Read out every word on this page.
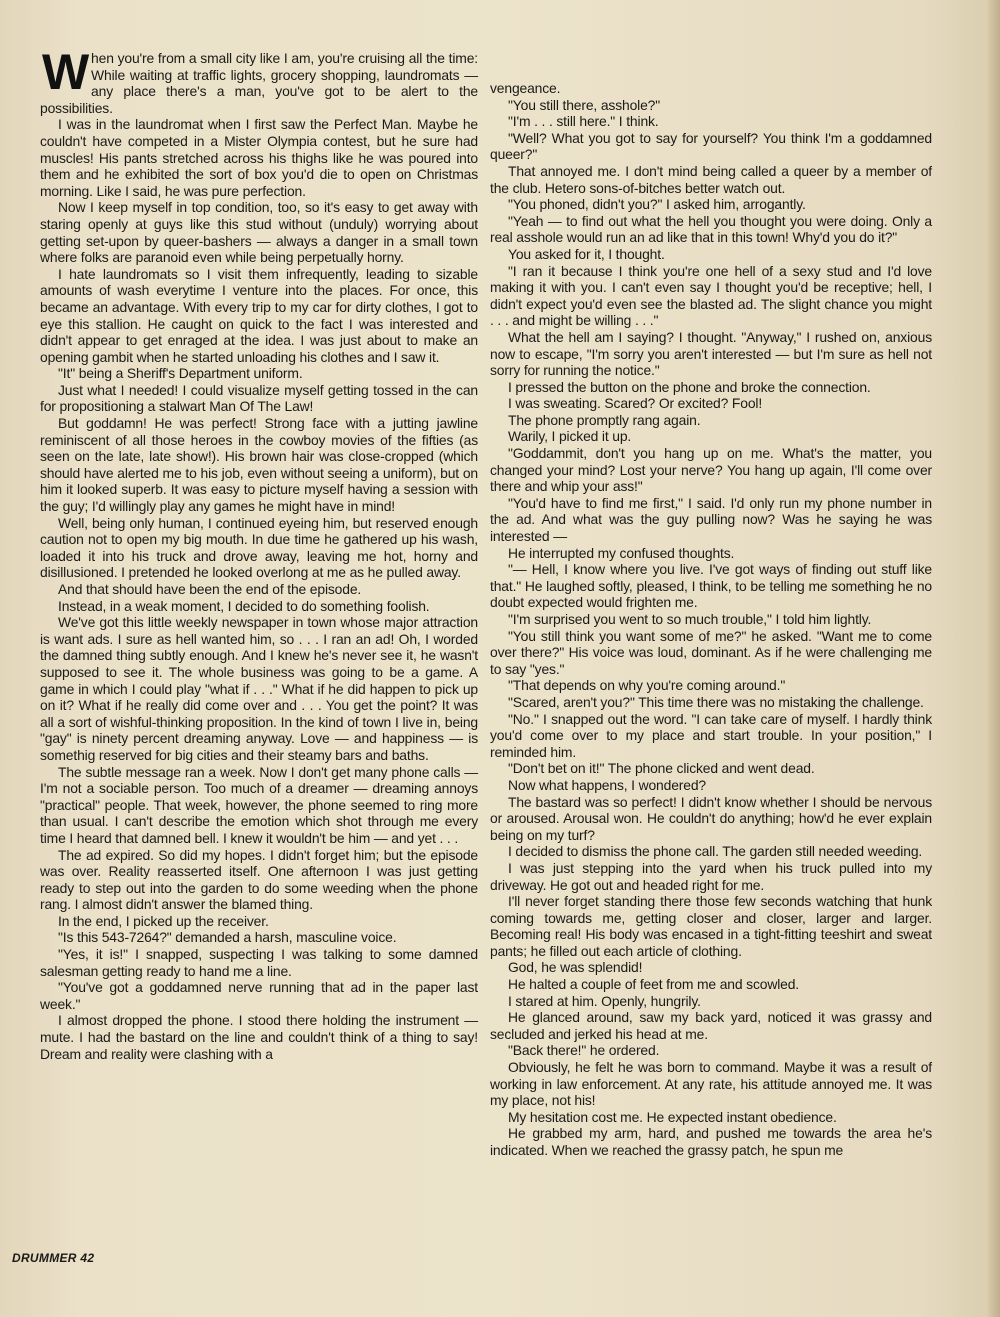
When you're from a small city like I am, you're cruising all the time: While waiting at traffic lights, grocery shopping, laundromats — any place there's a man, you've got to be alert to the possibilities.

I was in the laundromat when I first saw the Perfect Man. Maybe he couldn't have competed in a Mister Olympia contest, but he sure had muscles! His pants stretched across his thighs like he was poured into them and he exhibited the sort of box you'd die to open on Christmas morning. Like I said, he was pure perfection.

Now I keep myself in top condition, too, so it's easy to get away with staring openly at guys like this stud without (unduly) worrying about getting set-upon by queer-bashers — always a danger in a small town where folks are paranoid even while being perpetually horny.

I hate laundromats so I visit them infrequently, leading to sizable amounts of wash everytime I venture into the places. For once, this became an advantage. With every trip to my car for dirty clothes, I got to eye this stallion. He caught on quick to the fact I was interested and didn't appear to get enraged at the idea. I was just about to make an opening gambit when he started unloading his clothes and I saw it.

"It" being a Sheriff's Department uniform.

Just what I needed! I could visualize myself getting tossed in the can for propositioning a stalwart Man Of The Law!

But goddamn! He was perfect! Strong face with a jutting jawline reminiscent of all those heroes in the cowboy movies of the fifties (as seen on the late, late show!). His brown hair was close-cropped (which should have alerted me to his job, even without seeing a uniform), but on him it looked superb. It was easy to picture myself having a session with the guy; I'd willingly play any games he might have in mind!

Well, being only human, I continued eyeing him, but reserved enough caution not to open my big mouth. In due time he gathered up his wash, loaded it into his truck and drove away, leaving me hot, horny and disillusioned. I pretended he looked overlong at me as he pulled away.

And that should have been the end of the episode.

Instead, in a weak moment, I decided to do something foolish.

We've got this little weekly newspaper in town whose major attraction is want ads. I sure as hell wanted him, so . . . I ran an ad! Oh, I worded the damned thing subtly enough. And I knew he's never see it, he wasn't supposed to see it. The whole business was going to be a game. A game in which I could play "what if . . ." What if he did happen to pick up on it? What if he really did come over and . . . You get the point? It was all a sort of wishful-thinking proposition. In the kind of town I live in, being "gay" is ninety percent dreaming anyway. Love — and happiness — is somethig reserved for big cities and their steamy bars and baths.

The subtle message ran a week. Now I don't get many phone calls — I'm not a sociable person. Too much of a dreamer — dreaming annoys "practical" people. That week, however, the phone seemed to ring more than usual. I can't describe the emotion which shot through me every time I heard that damned bell. I knew it wouldn't be him — and yet . . .

The ad expired. So did my hopes. I didn't forget him; but the episode was over. Reality reasserted itself. One afternoon I was just getting ready to step out into the garden to do some weeding when the phone rang. I almost didn't answer the blamed thing.

In the end, I picked up the receiver.

"Is this 543-7264?" demanded a harsh, masculine voice.

"Yes, it is!" I snapped, suspecting I was talking to some damned salesman getting ready to hand me a line.

"You've got a goddamned nerve running that ad in the paper last week."

I almost dropped the phone. I stood there holding the instrument — mute. I had the bastard on the line and couldn't think of a thing to say! Dream and reality were clashing with a

vengeance.

"You still there, asshole?"

"I'm . . . still here." I think.

"Well? What you got to say for yourself? You think I'm a goddamned queer?"

That annoyed me. I don't mind being called a queer by a member of the club. Hetero sons-of-bitches better watch out.

"You phoned, didn't you?" I asked him, arrogantly.

"Yeah — to find out what the hell you thought you were doing. Only a real asshole would run an ad like that in this town! Why'd you do it?"

You asked for it, I thought.

"I ran it because I think you're one hell of a sexy stud and I'd love making it with you. I can't even say I thought you'd be receptive; hell, I didn't expect you'd even see the blasted ad. The slight chance you might . . . and might be willing . . ."

What the hell am I saying? I thought. "Anyway," I rushed on, anxious now to escape, "I'm sorry you aren't interested — but I'm sure as hell not sorry for running the notice."

I pressed the button on the phone and broke the connection.

I was sweating. Scared? Or excited? Fool!

The phone promptly rang again.

Warily, I picked it up.

"Goddammit, don't you hang up on me. What's the matter, you changed your mind? Lost your nerve? You hang up again, I'll come over there and whip your ass!"

"You'd have to find me first," I said. I'd only run my phone number in the ad. And what was the guy pulling now? Was he saying he was interested —

He interrupted my confused thoughts.

"— Hell, I know where you live. I've got ways of finding out stuff like that." He laughed softly, pleased, I think, to be telling me something he no doubt expected would frighten me.

"I'm surprised you went to so much trouble," I told him lightly.

"You still think you want some of me?" he asked. "Want me to come over there?" His voice was loud, dominant. As if he were challenging me to say "yes."

"That depends on why you're coming around."

"Scared, aren't you?" This time there was no mistaking the challenge.

"No." I snapped out the word. "I can take care of myself. I hardly think you'd come over to my place and start trouble. In your position," I reminded him.

"Don't bet on it!" The phone clicked and went dead.

Now what happens, I wondered?

The bastard was so perfect! I didn't know whether I should be nervous or aroused. Arousal won. He couldn't do anything; how'd he ever explain being on my turf?

I decided to dismiss the phone call. The garden still needed weeding.

I was just stepping into the yard when his truck pulled into my driveway. He got out and headed right for me.

I'll never forget standing there those few seconds watching that hunk coming towards me, getting closer and closer, larger and larger. Becoming real! His body was encased in a tight-fitting teeshirt and sweat pants; he filled out each article of clothing.

God, he was splendid!

He halted a couple of feet from me and scowled.

I stared at him. Openly, hungrily.

He glanced around, saw my back yard, noticed it was grassy and secluded and jerked his head at me.

"Back there!" he ordered.

Obviously, he felt he was born to command. Maybe it was a result of working in law enforcement. At any rate, his attitude annoyed me. It was my place, not his!

My hesitation cost me. He expected instant obedience.

He grabbed my arm, hard, and pushed me towards the area he's indicated. When we reached the grassy patch, he spun me

DRUMMER 42
